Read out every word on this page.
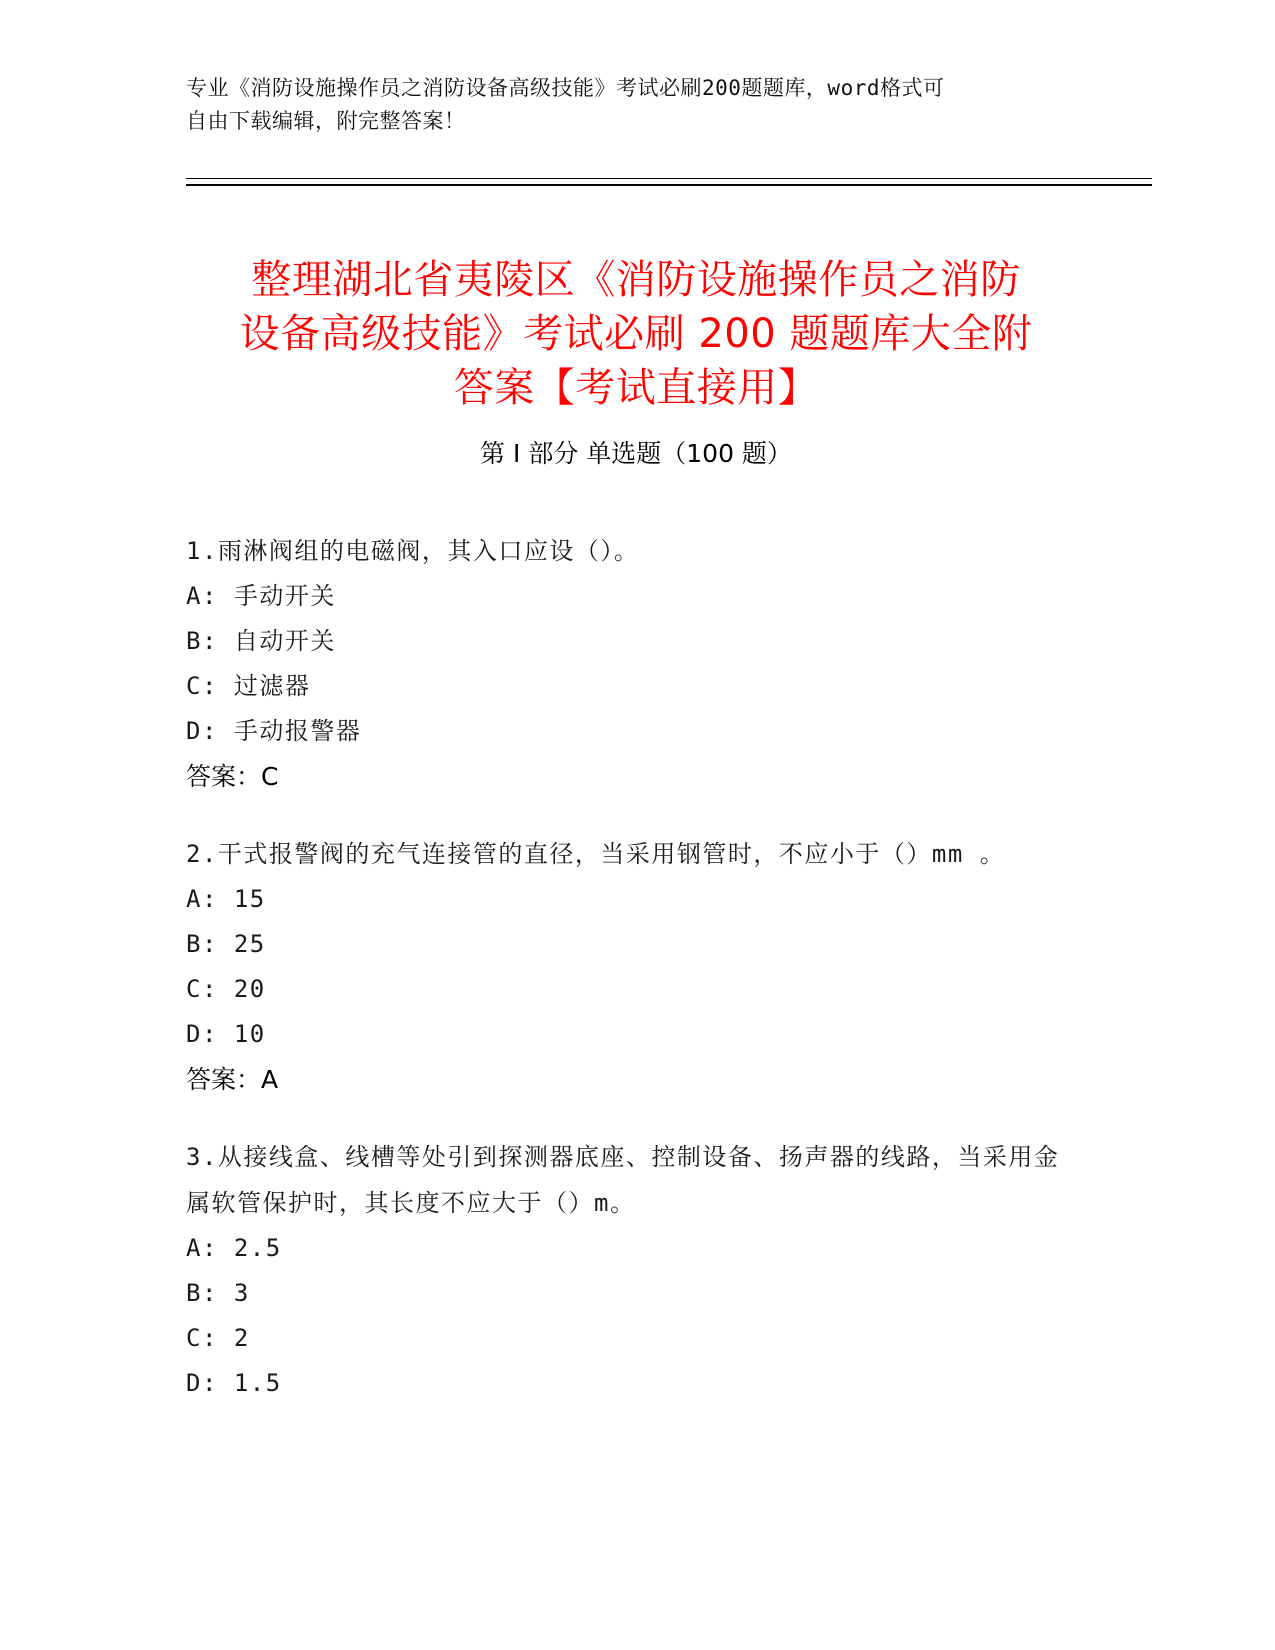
专业《消防设施操作员之消防设备高级技能》考试必刷200题题库，word格式可
自由下载编辑，附完整答案！
整理湖北省夷陵区《消防设施操作员之消防
设备高级技能》考试必刷 200 题题库大全附
答案【考试直接用】
第 I 部分 单选题（100 题）

1.雨淋阀组的电磁阀，其入口应设（）。

A: 手动开关

B: 自动开关

C: 过滤器

D: 手动报警器

答案：C

2.干式报警阀的充气连接管的直径，当采用钢管时，不应小于（）mm 。

A: 15

B: 25

C: 20

D: 10

答案：A

3.从接线盒、线槽等处引到探测器底座、控制设备、扬声器的线路，当采用金属软管保护时，其长度不应大于（）m。

A: 2.5

B: 3

C: 2

D: 1.5
